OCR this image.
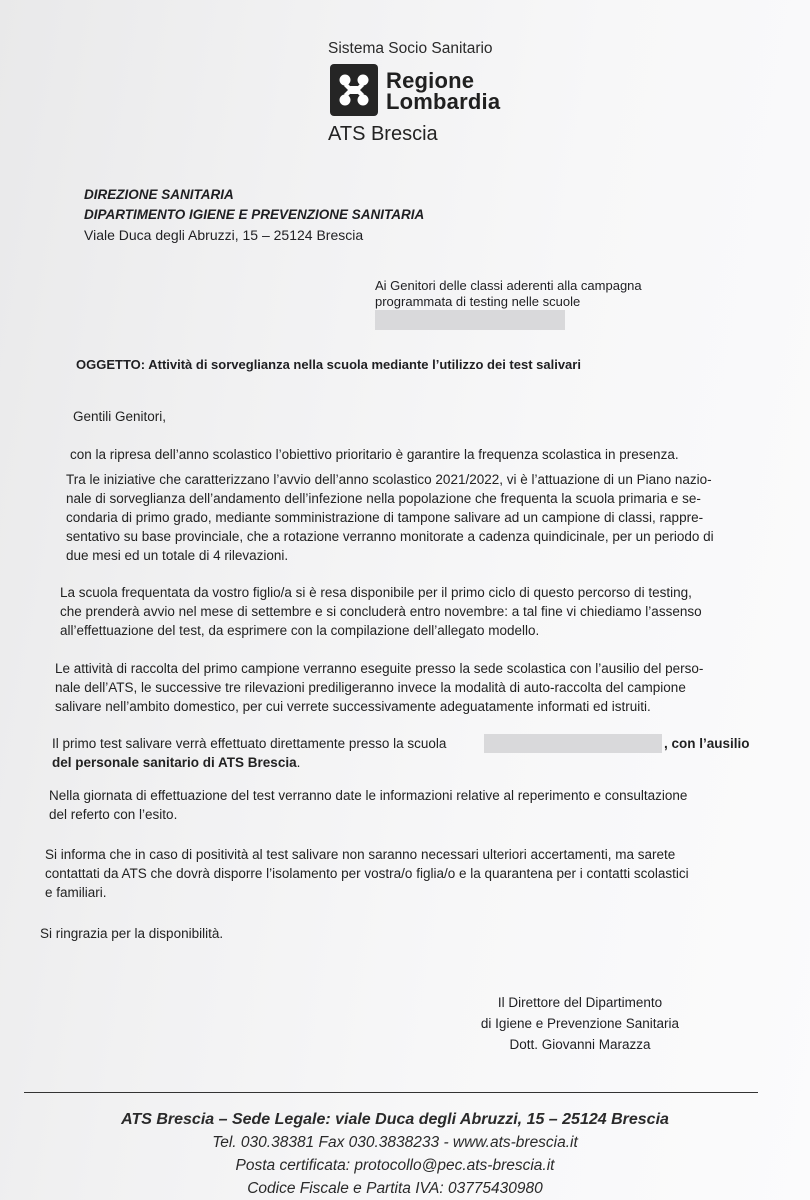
Sistema Socio Sanitario
Regione
Lombardia
ATS Brescia
DIREZIONE SANITARIA
DIPARTIMENTO IGIENE E PREVENZIONE SANITARIA
Viale Duca degli Abruzzi, 15 – 25124 Brescia
Ai Genitori delle classi aderenti alla campagna
programmata di testing nelle scuole
OGGETTO: Attività di sorveglianza nella scuola mediante l’utilizzo dei test salivari
Gentili Genitori,
con la ripresa dell’anno scolastico l’obiettivo prioritario è garantire la frequenza scolastica in presenza.
Tra le iniziative che caratterizzano l’avvio dell’anno scolastico 2021/2022, vi è l’attuazione di un Piano nazio-
nale di sorveglianza dell’andamento dell’infezione nella popolazione che frequenta la scuola primaria e se-
condaria di primo grado, mediante somministrazione di tampone salivare ad un campione di classi, rappre-
sentativo su base provinciale, che a rotazione verranno monitorate a cadenza quindicinale, per un periodo di
due mesi ed un totale di 4 rilevazioni.
La scuola frequentata da vostro figlio/a si è resa disponibile per il primo ciclo di questo percorso di testing,
che prenderà avvio nel mese di settembre e si concluderà entro novembre: a tal fine vi chiediamo l’assenso
all’effettuazione del test, da esprimere con la compilazione dell’allegato modello.
Le attività di raccolta del primo campione verranno eseguite presso la sede scolastica con l’ausilio del perso-
nale dell’ATS, le successive tre rilevazioni prediligeranno invece la modalità di auto-raccolta del campione
salivare nell’ambito domestico, per cui verrete successivamente adeguatamente informati ed istruiti.
Il primo test salivare verrà effettuato direttamente presso la scuola	, con l’ausilio
del personale sanitario di ATS Brescia.
Nella giornata di effettuazione del test verranno date le informazioni relative al reperimento e consultazione
del referto con l’esito.
Si informa che in caso di positività al test salivare non saranno necessari ulteriori accertamenti, ma sarete
contattati da ATS che dovrà disporre l’isolamento per vostra/o figlia/o e la quarantena per i contatti scolastici
e familiari.
Si ringrazia per la disponibilità.
Il Direttore del Dipartimento
di Igiene e Prevenzione Sanitaria
Dott. Giovanni Marazza
ATS Brescia – Sede Legale: viale Duca degli Abruzzi, 15 – 25124 Brescia
Tel. 030.38381 Fax 030.3838233 - www.ats-brescia.it
Posta certificata: protocollo@pec.ats-brescia.it
Codice Fiscale e Partita IVA: 03775430980
